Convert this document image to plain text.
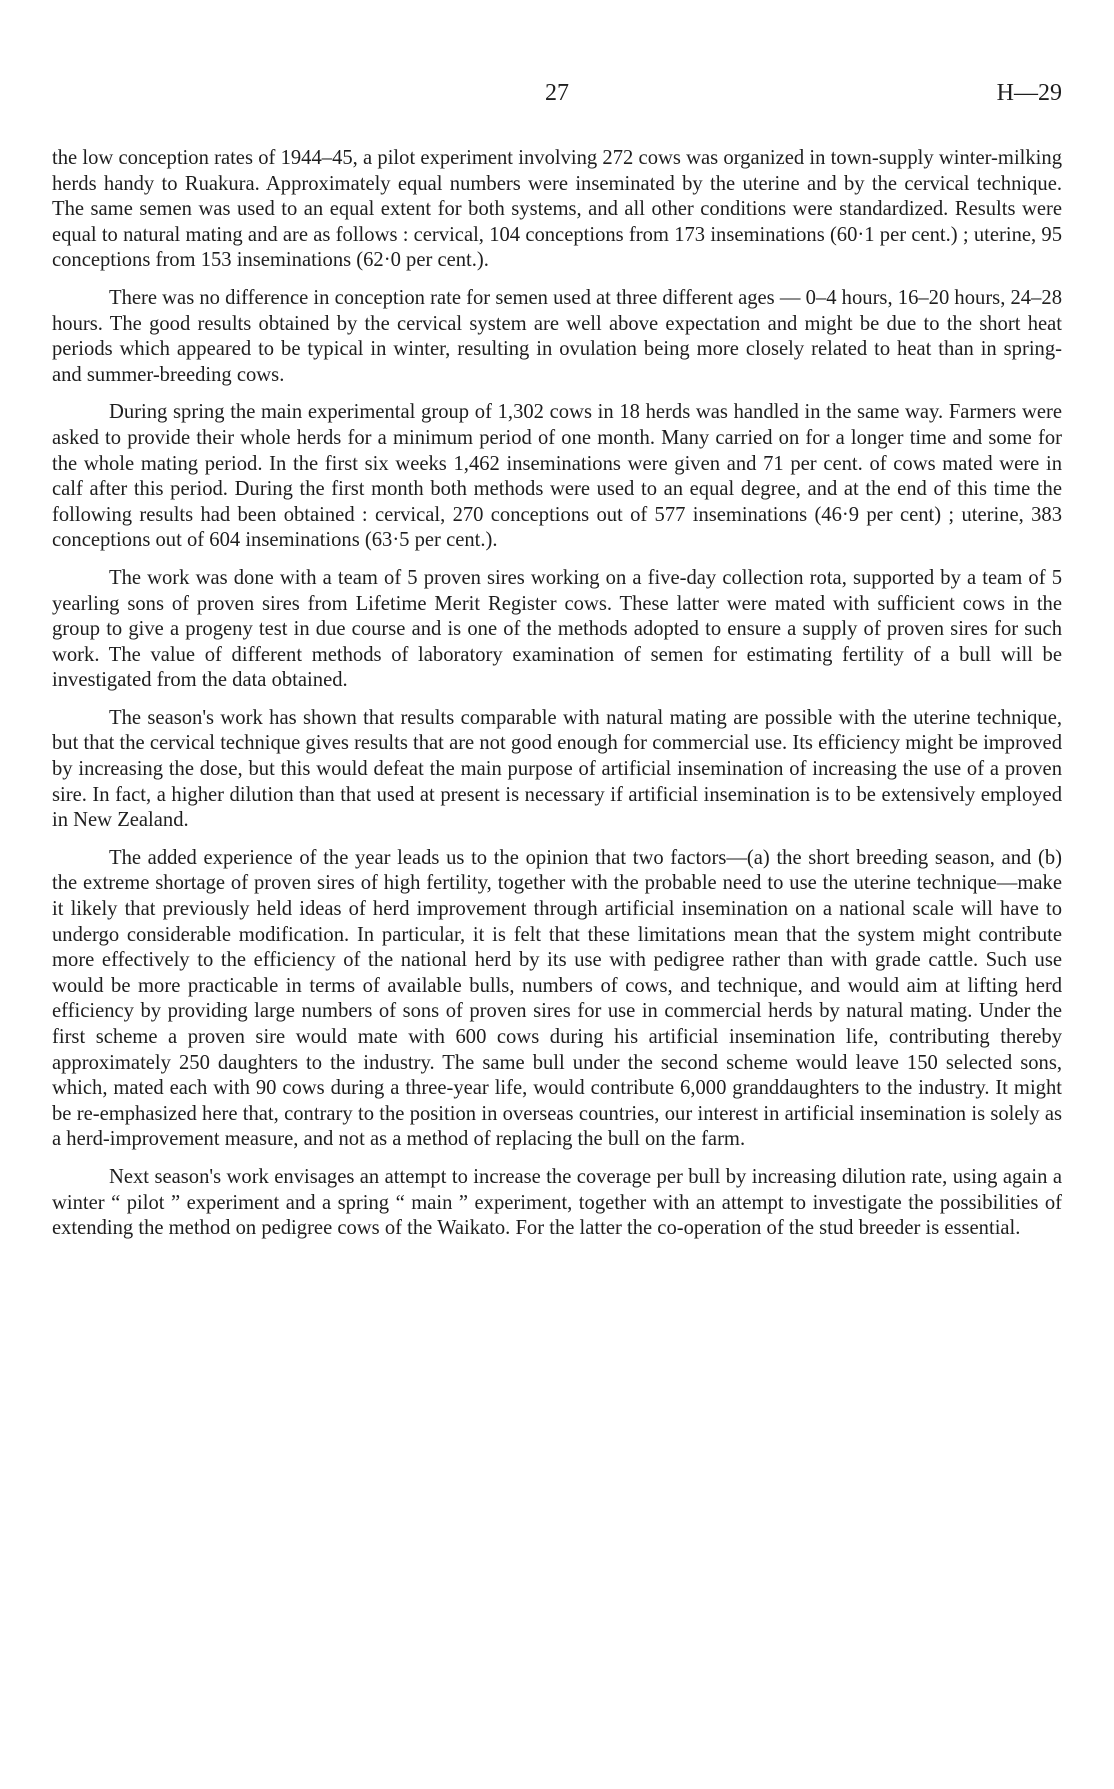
27	H—29

the low conception rates of 1944–45, a pilot experiment involving 272 cows was organized in town-supply winter-milking herds handy to Ruakura. Approximately equal numbers were inseminated by the uterine and by the cervical technique. The same semen was used to an equal extent for both systems, and all other conditions were standardized. Results were equal to natural mating and are as follows : cervical, 104 conceptions from 173 inseminations (60·1 per cent.) ; uterine, 95 conceptions from 153 inseminations (62·0 per cent.).

There was no difference in conception rate for semen used at three different ages — 0–4 hours, 16–20 hours, 24–28 hours. The good results obtained by the cervical system are well above expectation and might be due to the short heat periods which appeared to be typical in winter, resulting in ovulation being more closely related to heat than in spring- and summer-breeding cows.

During spring the main experimental group of 1,302 cows in 18 herds was handled in the same way. Farmers were asked to provide their whole herds for a minimum period of one month. Many carried on for a longer time and some for the whole mating period. In the first six weeks 1,462 inseminations were given and 71 per cent. of cows mated were in calf after this period. During the first month both methods were used to an equal degree, and at the end of this time the following results had been obtained : cervical, 270 conceptions out of 577 inseminations (46·9 per cent) ; uterine, 383 conceptions out of 604 inseminations (63·5 per cent.).

The work was done with a team of 5 proven sires working on a five-day collection rota, supported by a team of 5 yearling sons of proven sires from Lifetime Merit Register cows. These latter were mated with sufficient cows in the group to give a progeny test in due course and is one of the methods adopted to ensure a supply of proven sires for such work. The value of different methods of laboratory examination of semen for estimating fertility of a bull will be investigated from the data obtained.

The season's work has shown that results comparable with natural mating are possible with the uterine technique, but that the cervical technique gives results that are not good enough for commercial use. Its efficiency might be improved by increasing the dose, but this would defeat the main purpose of artificial insemination of increasing the use of a proven sire. In fact, a higher dilution than that used at present is necessary if artificial insemination is to be extensively employed in New Zealand.

The added experience of the year leads us to the opinion that two factors—(a) the short breeding season, and (b) the extreme shortage of proven sires of high fertility, together with the probable need to use the uterine technique—make it likely that previously held ideas of herd improvement through artificial insemination on a national scale will have to undergo considerable modification. In particular, it is felt that these limitations mean that the system might contribute more effectively to the efficiency of the national herd by its use with pedigree rather than with grade cattle. Such use would be more practicable in terms of available bulls, numbers of cows, and technique, and would aim at lifting herd efficiency by providing large numbers of sons of proven sires for use in commercial herds by natural mating. Under the first scheme a proven sire would mate with 600 cows during his artificial insemination life, contributing thereby approximately 250 daughters to the industry. The same bull under the second scheme would leave 150 selected sons, which, mated each with 90 cows during a three-year life, would contribute 6,000 granddaughters to the industry. It might be re-emphasized here that, contrary to the position in overseas countries, our interest in artificial insemination is solely as a herd-improvement measure, and not as a method of replacing the bull on the farm.

Next season's work envisages an attempt to increase the coverage per bull by increasing dilution rate, using again a winter “ pilot ” experiment and a spring “ main ” experiment, together with an attempt to investigate the possibilities of extending the method on pedigree cows of the Waikato. For the latter the co-operation of the stud breeder is essential.
